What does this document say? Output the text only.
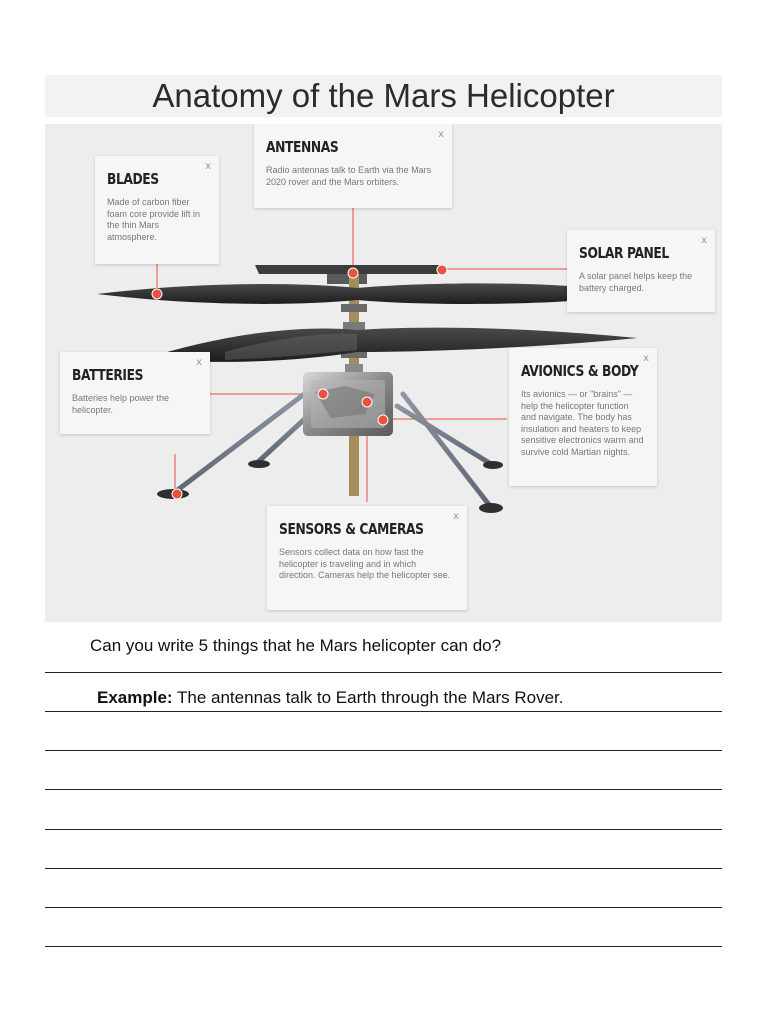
Anatomy of the Mars Helicopter
x
ANTENNAS
Radio antennas talk to Earth via the Mars 2020 rover and the Mars orbiters.
x
BLADES
Made of carbon fiber foam core provide lift in the thin Mars atmosphere.	x
SOLAR PANEL
A solar panel helps keep the battery charged.
x
BATTERIES
Batteries help power the helicopter.
x
AVIONICS & BODY
Its avionics — or "brains" — help the helicopter function and navigate. The body has insulation and heaters to keep sensitive electronics warm and survive cold Martian nights.
x
SENSORS & CAMERAS
Sensors collect data on how fast the helicopter is traveling and in which direction. Cameras help the helicopter see.
Can you write 5 things that he Mars helicopter can do?
Example: The antennas talk to Earth through the Mars Rover.
